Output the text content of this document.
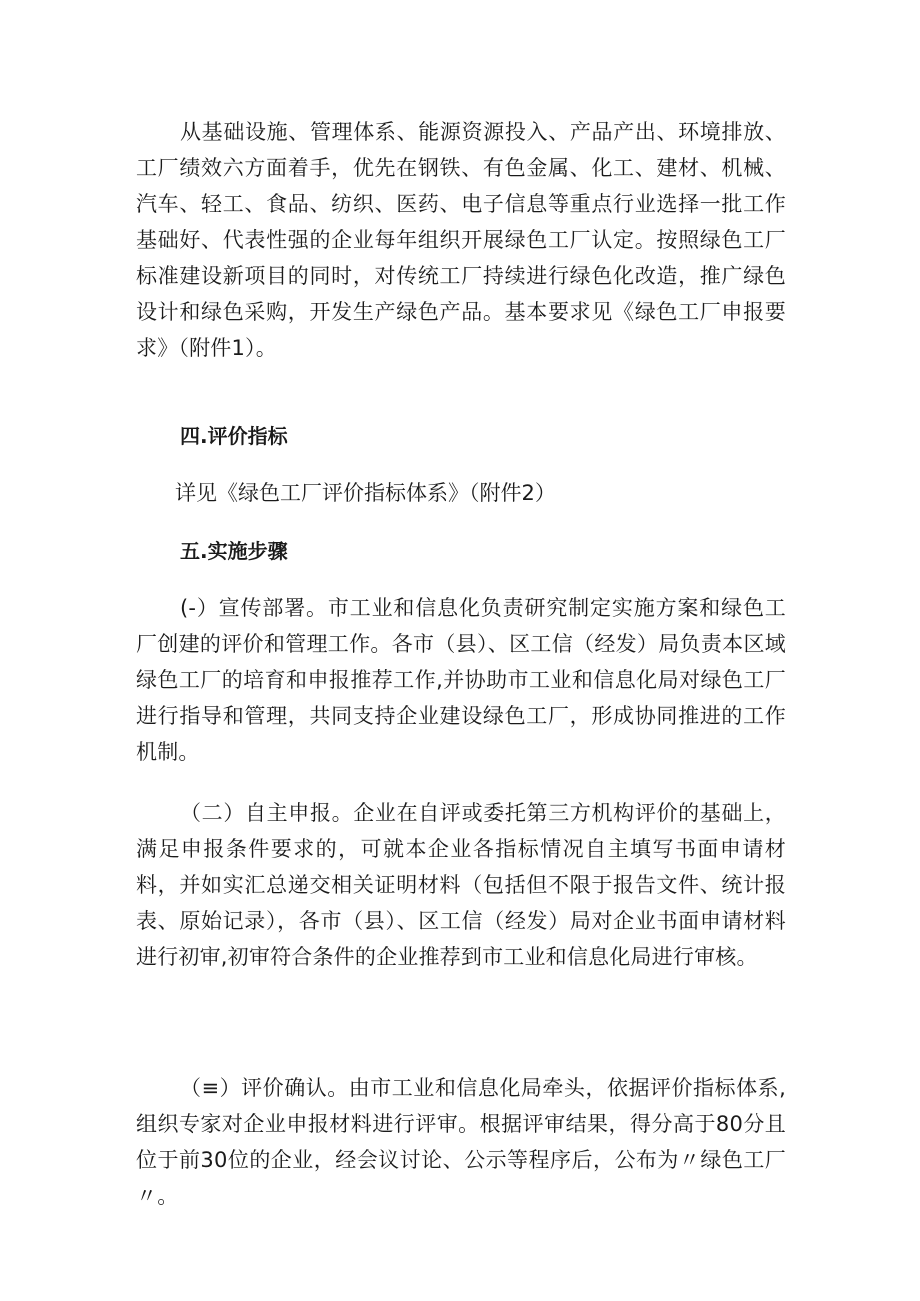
从基础设施、管理体系、能源资源投入、产品产出、环境排放、工厂绩效六方面着手，优先在钢铁、有色金属、化工、建材、机械、汽车、轻工、食品、纺织、医药、电子信息等重点行业选择一批工作基础好、代表性强的企业每年组织开展绿色工厂认定。按照绿色工厂标准建设新项目的同时，对传统工厂持续进行绿色化改造，推广绿色设计和绿色采购，开发生产绿色产品。基本要求见《绿色工厂申报要求》（附件1）。

四.评价指标

详见《绿色工厂评价指标体系》（附件2）

五.实施步骤

(-）宣传部署。市工业和信息化负责研究制定实施方案和绿色工厂创建的评价和管理工作。各市（县）、区工信（经发）局负责本区域绿色工厂的培育和申报推荐工作,并协助市工业和信息化局对绿色工厂进行指导和管理，共同支持企业建设绿色工厂，形成协同推进的工作机制。

（二）自主申报。企业在自评或委托第三方机构评价的基础上，满足申报条件要求的，可就本企业各指标情况自主填写书面申请材料，并如实汇总递交相关证明材料（包括但不限于报告文件、统计报表、原始记录），各市（县）、区工信（经发）局对企业书面申请材料进行初审,初审符合条件的企业推荐到市工业和信息化局进行审核。

（≡）评价确认。由市工业和信息化局牵头，依据评价指标体系,组织专家对企业申报材料进行评审。根据评审结果，得分高于80分且位于前30位的企业，经会议讨论、公示等程序后，公布为〃绿色工厂〃。
